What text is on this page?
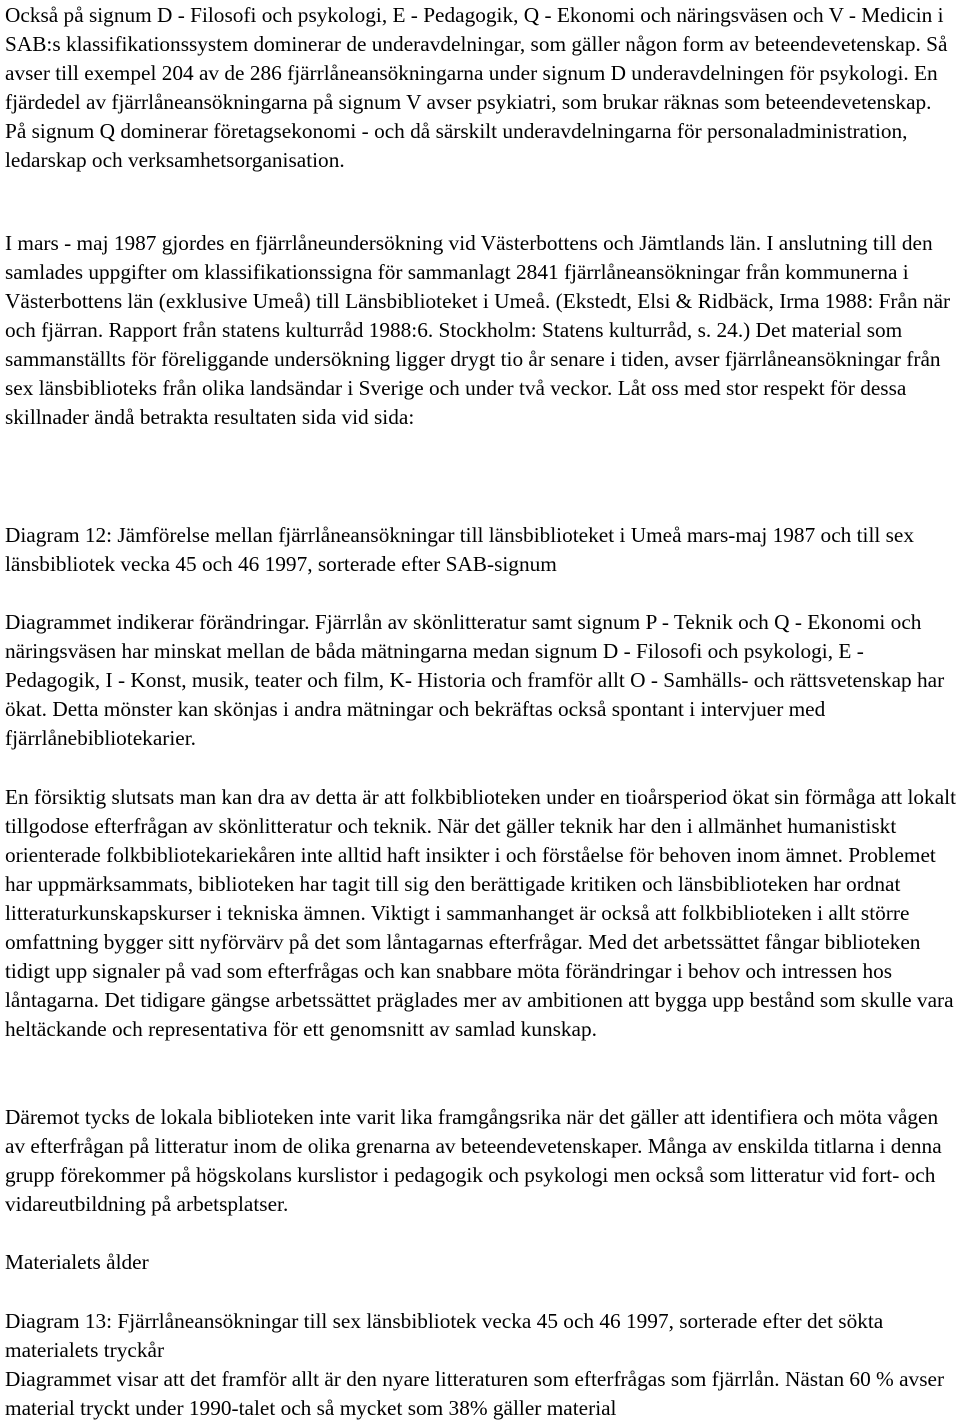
Också på signum D - Filosofi och psykologi, E - Pedagogik, Q - Ekonomi och näringsväsen och V - Medicin i SAB:s klassifikationssystem dominerar de underavdelningar, som gäller någon form av beteendevetenskap. Så avser till exempel 204 av de 286 fjärrlåneansökningarna under signum D underavdelningen för psykologi. En fjärdedel av fjärrlåneansökningarna på signum V avser psykiatri, som brukar räknas som beteendevetenskap. På signum Q dominerar företagsekonomi - och då särskilt underavdelningarna för personaladministration, ledarskap och verksamhetsorganisation.

I mars - maj 1987 gjordes en fjärrlåneundersökning vid Västerbottens och Jämtlands län. I anslutning till den samlades uppgifter om klassifikationssigna för sammanlagt 2841 fjärrlåneansökningar från kommunerna i Västerbottens län (exklusive Umeå) till Länsbiblioteket i Umeå. (Ekstedt, Elsi & Ridbäck, Irma 1988: Från när och fjärran. Rapport från statens kulturråd 1988:6. Stockholm: Statens kulturråd, s. 24.) Det material som sammanställts för föreliggande undersökning ligger drygt tio år senare i tiden, avser fjärrlåneansökningar från sex länsbiblioteks från olika landsändar i Sverige och under två veckor. Låt oss med stor respekt för dessa skillnader ändå betrakta resultaten sida vid sida:

Diagram 12: Jämförelse mellan fjärrlåneansökningar till länsbiblioteket i Umeå mars-maj 1987 och till sex länsbibliotek vecka 45 och 46 1997, sorterade efter SAB-signum

Diagrammet indikerar förändringar. Fjärrlån av skönlitteratur samt signum P - Teknik och Q - Ekonomi och näringsväsen har minskat mellan de båda mätningarna medan signum D - Filosofi och psykologi, E - Pedagogik, I - Konst, musik, teater och film, K- Historia och framför allt O - Samhälls- och rättsvetenskap har ökat. Detta mönster kan skönjas i andra mätningar och bekräftas också spontant i intervjuer med fjärrlånebibliotekarier.

En försiktig slutsats man kan dra av detta är att folkbiblioteken under en tioårsperiod ökat sin förmåga att lokalt tillgodose efterfrågan av skönlitteratur och teknik. När det gäller teknik har den i allmänhet humanistiskt orienterade folkbibliotekariekåren inte alltid haft insikter i och förståelse för behoven inom ämnet. Problemet har uppmärksammats, biblioteken har tagit till sig den berättigade kritiken och länsbiblioteken har ordnat litteraturkunskapskurser i tekniska ämnen. Viktigt i sammanhanget är också att folkbiblioteken i allt större omfattning bygger sitt nyförvärv på det som låntagarnas efterfrågar. Med det arbetssättet fångar biblioteken tidigt upp signaler på vad som efterfrågas och kan snabbare möta förändringar i behov och intressen hos låntagarna. Det tidigare gängse arbetssättet präglades mer av ambitionen att bygga upp bestånd som skulle vara heltäckande och representativa för ett genomsnitt av samlad kunskap.

Däremot tycks de lokala biblioteken inte varit lika framgångsrika när det gäller att identifiera och möta vågen av efterfrågan på litteratur inom de olika grenarna av beteendevetenskaper. Många av enskilda titlarna i denna grupp förekommer på högskolans kurslistor i pedagogik och psykologi men också som litteratur vid fort- och vidareutbildning på arbetsplatser.

Materialets ålder

Diagram 13: Fjärrlåneansökningar till sex länsbibliotek vecka 45 och 46 1997, sorterade efter det sökta materialets tryckår
Diagrammet visar att det framför allt är den nyare litteraturen som efterfrågas som fjärrlån. Nästan 60 % avser material tryckt under 1990-talet och så mycket som 38% gäller material
